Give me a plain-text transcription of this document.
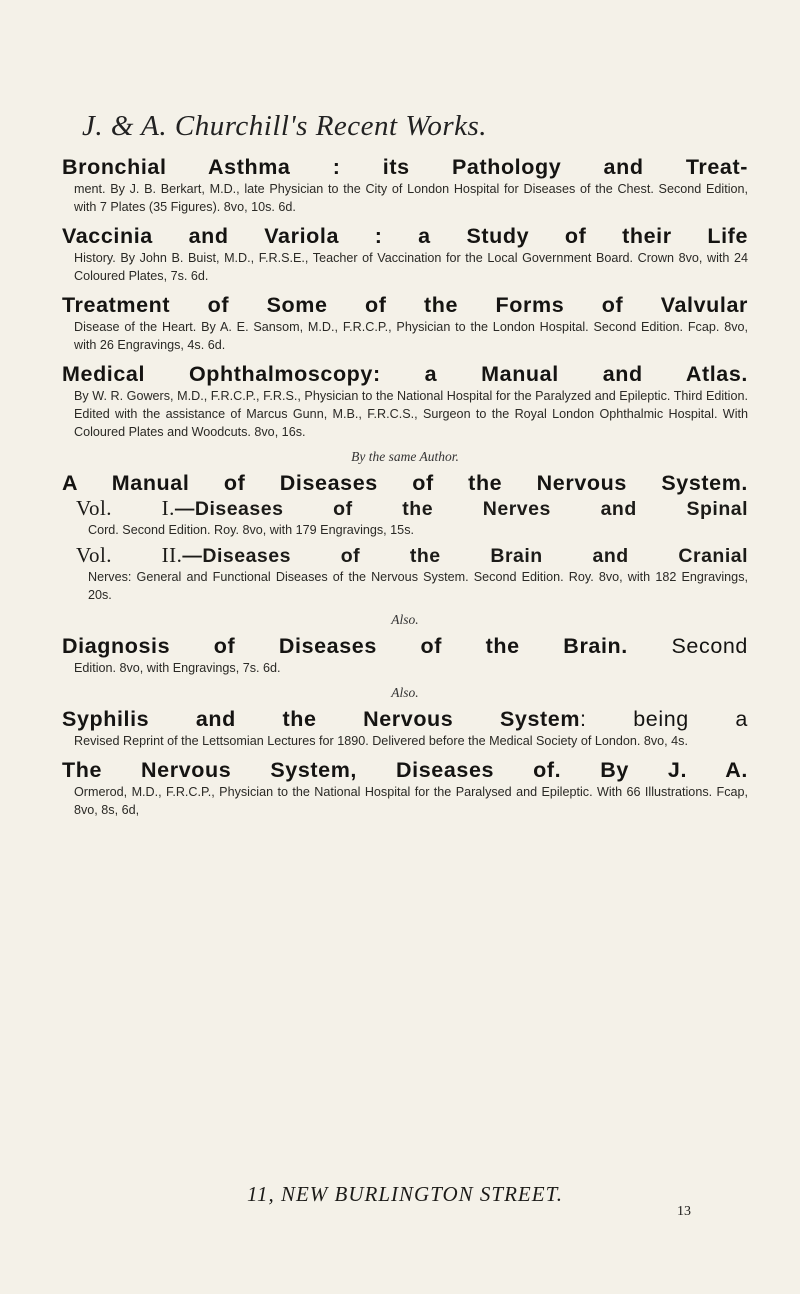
J. & A. Churchill's Recent Works.
Bronchial Asthma : its Pathology and Treat-
ment. By J. B. Berkart, M.D., late Physician to the City of London Hospital for Diseases of the Chest. Second Edition, with 7 Plates (35 Figures). 8vo, 10s. 6d.
Vaccinia and Variola : a Study of their Life
History. By John B. Buist, M.D., F.R.S.E., Teacher of Vaccination for the Local Government Board. Crown 8vo, with 24 Coloured Plates, 7s. 6d.
Treatment of Some of the Forms of Valvular
Disease of the Heart. By A. E. Sansom, M.D., F.R.C.P., Physician to the London Hospital. Second Edition. Fcap. 8vo, with 26 Engravings, 4s. 6d.
Medical Ophthalmoscopy: a Manual and Atlas.
By W. R. Gowers, M.D., F.R.C.P., F.R.S., Physician to the National Hospital for the Paralyzed and Epileptic. Third Edition. Edited with the assistance of Marcus Gunn, M.B., F.R.C.S., Surgeon to the Royal London Ophthalmic Hospital. With Coloured Plates and Woodcuts. 8vo, 16s.
By the same Author.
A Manual of Diseases of the Nervous System.
Vol. I.—Diseases of the Nerves and Spinal
Cord. Second Edition. Roy. 8vo, with 179 Engravings, 15s.
Vol. II.—Diseases of the Brain and Cranial
Nerves: General and Functional Diseases of the Nervous System. Second Edition. Roy. 8vo, with 182 Engravings, 20s.
Also.
Diagnosis of Diseases of the Brain. Second
Edition. 8vo, with Engravings, 7s. 6d.
Also.
Syphilis and the Nervous System: being a
Revised Reprint of the Lettsomian Lectures for 1890. Delivered before the Medical Society of London. 8vo, 4s.
The Nervous System, Diseases of. By J. A.
Ormerod, M.D., F.R.C.P., Physician to the National Hospital for the Paralysed and Epileptic. With 66 Illustrations. Fcap, 8vo, 8s, 6d,
11, NEW BURLINGTON STREET.
13
